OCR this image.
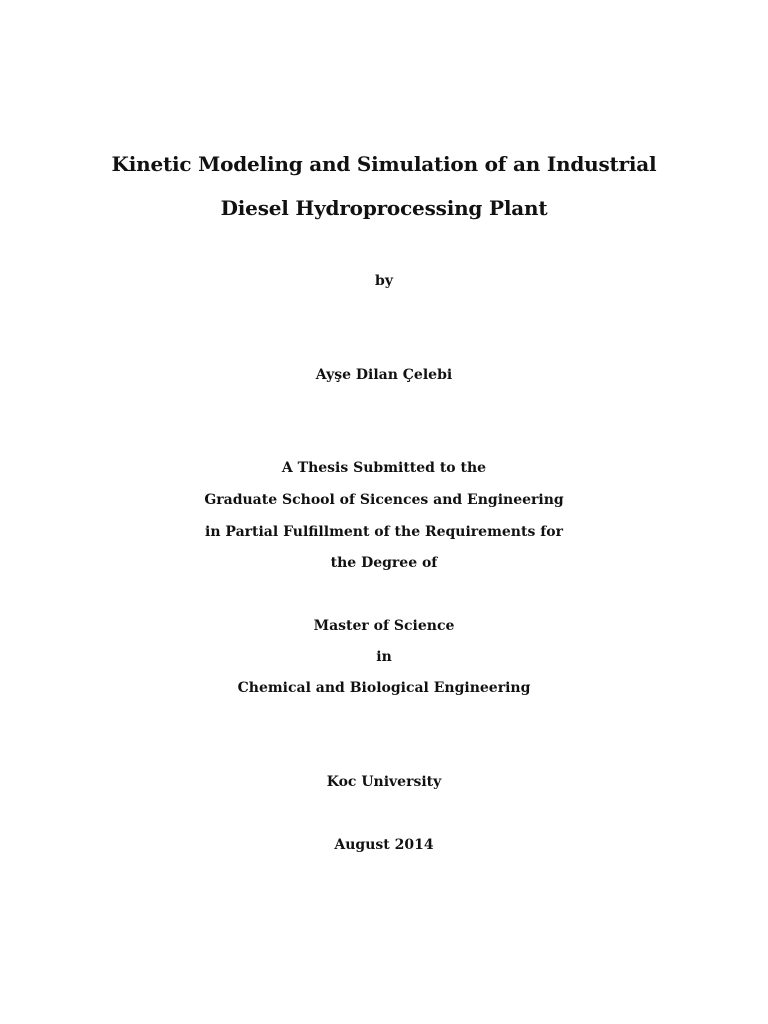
Kinetic Modeling and Simulation of an Industrial
Diesel Hydroprocessing Plant
by
Ayşe Dilan Çelebi
A Thesis Submitted to the
Graduate School of Sicences and Engineering
in Partial Fulfillment of the Requirements for
the Degree of
Master of Science
in
Chemical and Biological Engineering
Koc University
August 2014
